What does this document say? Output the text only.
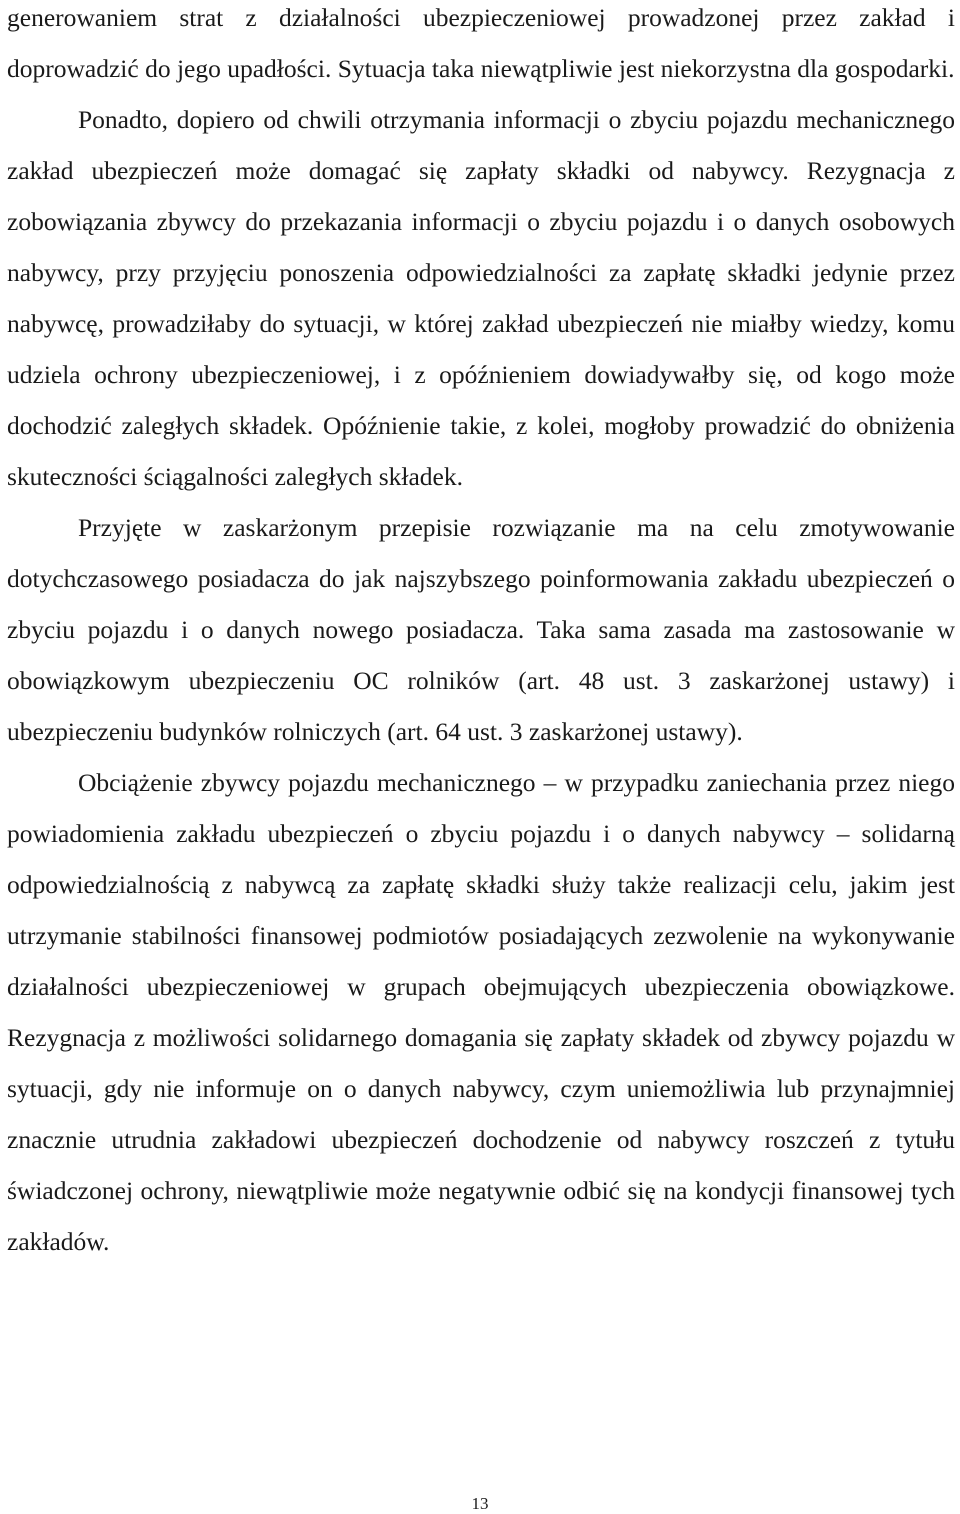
generowaniem strat z działalności ubezpieczeniowej prowadzonej przez zakład i doprowadzić do jego upadłości. Sytuacja taka niewątpliwie jest niekorzystna dla gospodarki.

Ponadto, dopiero od chwili otrzymania informacji o zbyciu pojazdu mechanicznego zakład ubezpieczeń może domagać się zapłaty składki od nabywcy. Rezygnacja z zobowiązania zbywcy do przekazania informacji o zbyciu pojazdu i o danych osobowych nabywcy, przy przyjęciu ponoszenia odpowiedzialności za zapłatę składki jedynie przez nabywcę, prowadziłaby do sytuacji, w której zakład ubezpieczeń nie miałby wiedzy, komu udziela ochrony ubezpieczeniowej, i z opóźnieniem dowiadywałby się, od kogo może dochodzić zaległych składek. Opóźnienie takie, z kolei, mogłoby prowadzić do obniżenia skuteczności ściągalności zaległych składek.

Przyjęte w zaskarżonym przepisie rozwiązanie ma na celu zmotywowanie dotychczasowego posiadacza do jak najszybszego poinformowania zakładu ubezpieczeń o zbyciu pojazdu i o danych nowego posiadacza. Taka sama zasada ma zastosowanie w obowiązkowym ubezpieczeniu OC rolników (art. 48 ust. 3 zaskarżonej ustawy) i ubezpieczeniu budynków rolniczych (art. 64 ust. 3 zaskarżonej ustawy).

Obciążenie zbywcy pojazdu mechanicznego – w przypadku zaniechania przez niego powiadomienia zakładu ubezpieczeń o zbyciu pojazdu i o danych nabywcy – solidarną odpowiedzialnością z nabywcą za zapłatę składki służy także realizacji celu, jakim jest utrzymanie stabilności finansowej podmiotów posiadających zezwolenie na wykonywanie działalności ubezpieczeniowej w grupach obejmujących ubezpieczenia obowiązkowe. Rezygnacja z możliwości solidarnego domagania się zapłaty składek od zbywcy pojazdu w sytuacji, gdy nie informuje on o danych nabywcy, czym uniemożliwia lub przynajmniej znacznie utrudnia zakładowi ubezpieczeń dochodzenie od nabywcy roszczeń z tytułu świadczonej ochrony, niewątpliwie może negatywnie odbić się na kondycji finansowej tych zakładów.

13
